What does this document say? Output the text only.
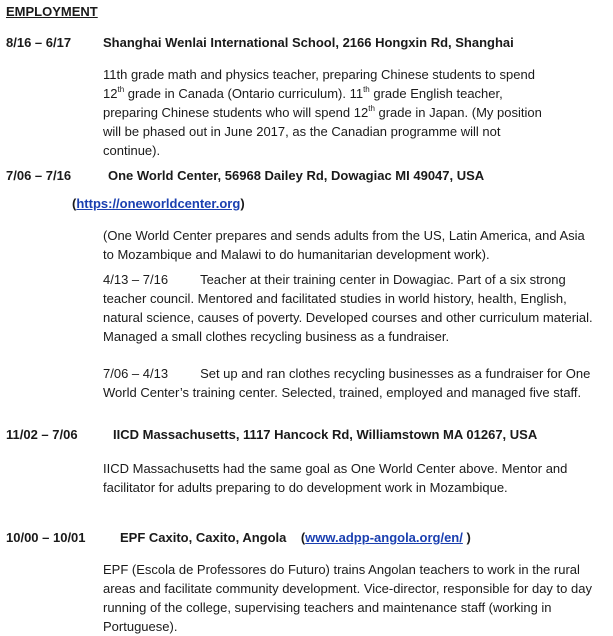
EMPLOYMENT
8/16 – 6/17 Shanghai Wenlai International School, 2166 Hongxin Rd, Shanghai

11th grade math and physics teacher, preparing Chinese students to spend

12th grade in Canada (Ontario curriculum). 11th grade English teacher,

preparing Chinese students who will spend 12th grade in Japan. (My position

will be phased out in June 2017, as the Canadian programme will not

continue).

7/06 – 7/16	One World Center, 56968 Dailey Rd, Dowagiac MI 49047, USA
(https://oneworldcenter.org)
(One World Center prepares and sends adults from the US, Latin America, and Asia to Mozambique and Malawi to do humanitarian development work).
4/13 – 7/16 Teacher at their training center in Dowagiac. Part of a six strong teacher council. Mentored and facilitated studies in world history, health, English, natural science, causes of poverty. Developed courses and other curriculum material. Managed a small clothes recycling business as a fundraiser.
7/06 – 4/13 Set up and ran clothes recycling businesses as a fundraiser for One World Center’s training center. Selected, trained, employed and managed five staff.
11/02 – 7/06	IICD Massachusetts, 1117 Hancock Rd, Williamstown MA 01267, USA
IICD Massachusetts had the same goal as One World Center above. Mentor and facilitator for adults preparing to do development work in Mozambique.
10/00 – 10/01	EPF Caxito, Caxito, Angola (www.adpp-angola.org/en/ )
EPF (Escola de Professores do Futuro) trains Angolan teachers to work in the rural areas and facilitate community development. Vice-director, responsible for day to day running of the college, supervising teachers and maintenance staff (working in Portuguese).
